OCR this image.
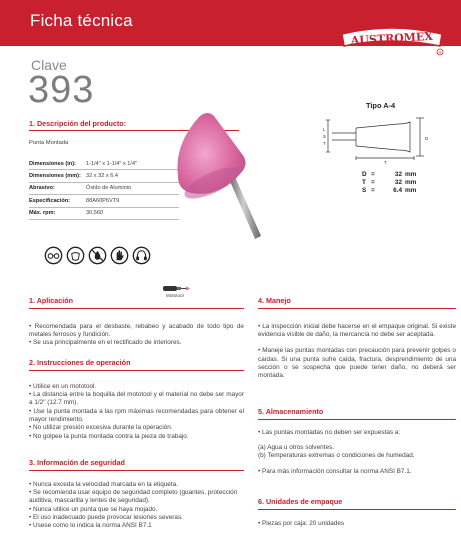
Ficha técnica
AUSTROMEX
R
Clave
393
1. Descripción del producto:
Punta Montada
Dimensiones (in):	1-1/4" x 1-1/4" x 1/4"
Dimensiones (mm): 32 x 32 x 6.4
Abrasivo:	Óxido de Aluminio
Especificación:	88A60P6VT9
Máx. rpm:	30,560
Tipo A-4
L
S
T
D
T
D =	32 mm
T =	32 mm
S =	6.4 mm
Mototool
1. Aplicación
• Recomendada para el desbaste, rebabeo y acabado de todo tipo de metales ferrosos y fundición.
• Se usa principalmente en el rectificado de interiores.
2. Instrucciones de operación
• Utilice en un mototool.
• La distancia entre la boquilla del mototool y el material no debe ser mayor a 1/2" (12.7 mm).
• Use la punta montada a las rpm máximas recomendadas para obtener el mayor rendimiento.
• No utilizar presión excesiva durante la operación.
• No golpee la punta montada contra la pieza de trabajo.
3. Información de seguridad
• Nunca exceda la velocidad marcada en la etiqueta.
• Se recomienda usar equipo de seguridad completo (guantes, protección auditiva, mascarilla y lentes de seguridad).
• Nunca utilice un punta que se haya mojado.
• El uso inadecuado puede provocar lesiones severas.
• Usese como lo indica la norma ANSI B7.1
4. Manejo
• La inspección inicial debe hacerse en el empaque original. Si existe evidencia visible de daño, la mercancía no debe ser aceptada.
• Maneje las puntas montadas con precaución para prevenir golpes o caídas. Si una punta sufre caída, fractura, desprendimiento de una sección o se sospecha que puede tener daño, no deberá ser montada.
5. Almacenamiento
• Las puntas montadas no deben ser expuestas a:
(a) Agua u otros solventes.
(b) Temperaturas extremas o condiciones de humedad.
• Para más información consultar la norma ANSI B7.1.
6. Unidades de empaque
• Piezas por caja: 20 unidades
